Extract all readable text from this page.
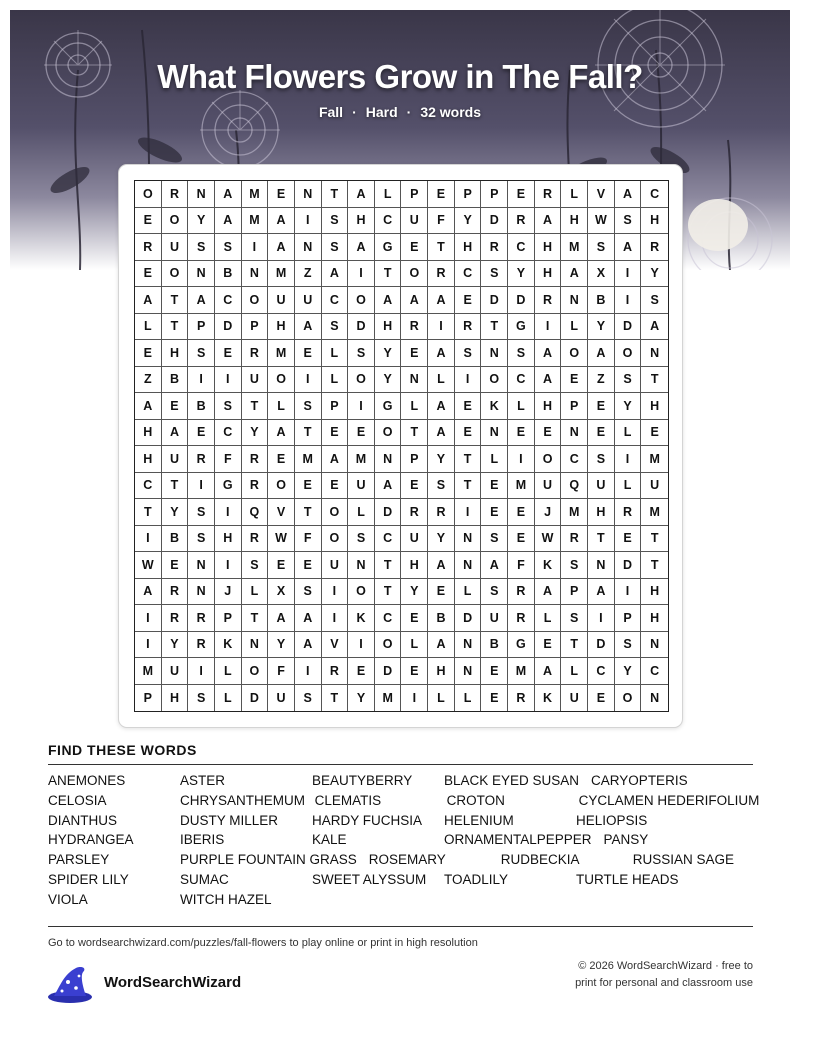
What Flowers Grow in The Fall?
Fall · Hard · 32 words
O	R	N	A	M	E	N	T	A	L	P	E	P	P	E	R	L	V	A	C
E	O	Y	A	M	A	I	S	H	C	U	F	Y	D	R	A	H	W	S	H
R	U	S	S	I	A	N	S	A	G	E	T	H	R	C	H	M	S	A	R
E	O	N	B	N	M	Z	A	I	T	O	R	C	S	Y	H	A	X	I	Y
A	T	A	C	O	U	U	C	O	A	A	A	E	D	D	R	N	B	I	S
L	T	P	D	P	H	A	S	D	H	R	I	R	T	G	I	L	Y	D	A
E	H	S	E	R	M	E	L	S	Y	E	A	S	N	S	A	O	A	O	N
Z	B	I	I	U	O	I	L	O	Y	N	L	I	O	C	A	E	Z	S	T
A	E	B	S	T	L	S	P	I	G	L	A	E	K	L	H	P	E	Y	H
H	A	E	C	Y	A	T	E	E	O	T	A	E	N	E	E	N	E	L	E
H	U	R	F	R	E	M	A	M	N	P	Y	T	L	I	O	C	S	I	M
C	T	I	G	R	O	E	E	U	A	E	S	T	E	M	U	Q	U	L	U
T	Y	S	I	Q	V	T	O	L	D	R	R	I	E	E	J	M	H	R	M
I	B	S	H	R	W	F	O	S	C	U	Y	N	S	E	W	R	T	E	T
W	E	N	I	S	E	E	U	N	T	H	A	N	A	F	K	S	N	D	T
A	R	N	J	L	X	S	I	O	T	Y	E	L	S	R	A	P	A	I	H
I	R	R	P	T	A	A	I	K	C	E	B	D	U	R	L	S	I	P	H
I	Y	R	K	N	Y	A	V	I	O	L	A	N	B	G	E	T	D	S	N
M	U	I	L	O	F	I	R	E	D	E	H	N	E	M	A	L	C	Y	C
P	H	S	L	D	U	S	T	Y	M	I	L	L	E	R	K	U	E	O	N
FIND THESE WORDS
ANEMONES	ASTER	BEAUTYBERRY	BLACK EYED SUSAN CARYOPTERIS
CELOSIA	CHRYSANTHEMUM CLEMATIS	CROTON	CYCLAMEN HEDERIFOLIUM
DIANTHUS	DUSTY MILLER	HARDY FUCHSIA	HELENIUM	HELIOPSIS
HYDRANGEA	IBERIS	KALE	ORNAMENTALPEPPER PANSY
PARSLEY	PURPLE FOUNTAIN GRASS ROSEMARY	RUDBECKIA	RUSSIAN SAGE
SPIDER LILY	SUMAC	SWEET ALYSSUM	TOADLILY	TURTLE HEADS
VIOLA	WITCH HAZEL
Go to wordsearchwizard.com/puzzles/fall-flowers to play online or print in high resolution
WordSearchWizard
© 2026 WordSearchWizard · free to print for personal and classroom use
